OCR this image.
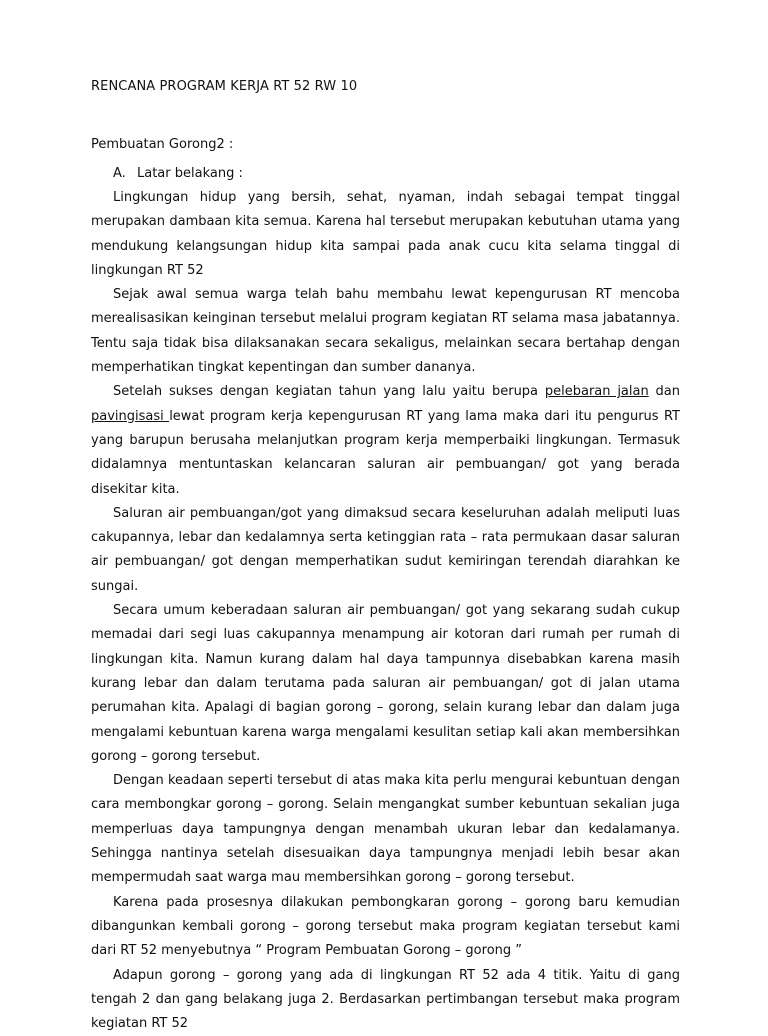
RENCANA PROGRAM KERJA RT 52 RW 10
Pembuatan Gorong2 :
A. Latar belakang :

Lingkungan hidup yang bersih, sehat, nyaman, indah sebagai tempat tinggal merupakan dambaan kita semua. Karena hal tersebut merupakan kebutuhan utama yang mendukung kelangsungan hidup kita sampai pada anak cucu kita selama tinggal di lingkungan RT 52

Sejak awal semua warga telah bahu membahu lewat kepengurusan RT mencoba merealisasikan keinginan tersebut melalui program kegiatan RT selama masa jabatannya. Tentu saja tidak bisa dilaksanakan secara sekaligus, melainkan secara bertahap dengan memperhatikan tingkat kepentingan dan sumber dananya.

Setelah sukses dengan kegiatan tahun yang lalu yaitu berupa pelebaran jalan dan pavingisasi lewat program kerja kepengurusan RT yang lama maka dari itu pengurus RT yang barupun berusaha melanjutkan program kerja memperbaiki lingkungan. Termasuk didalamnya mentuntaskan kelancaran saluran air pembuangan/ got yang berada disekitar kita.

Saluran air pembuangan/got yang dimaksud secara keseluruhan adalah meliputi luas cakupannya, lebar dan kedalamnya serta ketinggian rata – rata permukaan dasar saluran air pembuangan/ got dengan memperhatikan sudut kemiringan terendah diarahkan ke sungai.

Secara umum keberadaan saluran air pembuangan/ got yang sekarang sudah cukup memadai dari segi luas cakupannya menampung air kotoran dari rumah per rumah di lingkungan kita. Namun kurang dalam hal daya tampunnya disebabkan karena masih kurang lebar dan dalam terutama pada saluran air pembuangan/ got di jalan utama perumahan kita. Apalagi di bagian gorong – gorong, selain kurang lebar dan dalam juga mengalami kebuntuan karena warga mengalami kesulitan setiap kali akan membersihkan gorong – gorong tersebut.

Dengan keadaan seperti tersebut di atas maka kita perlu mengurai kebuntuan dengan cara membongkar gorong – gorong. Selain mengangkat sumber kebuntuan sekalian juga memperluas daya tampungnya dengan menambah ukuran lebar dan kedalamanya. Sehingga nantinya setelah disesuaikan daya tampungnya menjadi lebih besar akan mempermudah saat warga mau membersihkan gorong – gorong tersebut.

Karena pada prosesnya dilakukan pembongkaran gorong – gorong baru kemudian dibangunkan kembali gorong – gorong tersebut maka program kegiatan tersebut kami dari RT 52 menyebutnya “ Program Pembuatan Gorong – gorong ”

Adapun gorong – gorong yang ada di lingkungan RT 52 ada 4 titik. Yaitu di gang tengah 2 dan gang belakang juga 2. Berdasarkan pertimbangan tersebut maka program kegiatan RT 52
